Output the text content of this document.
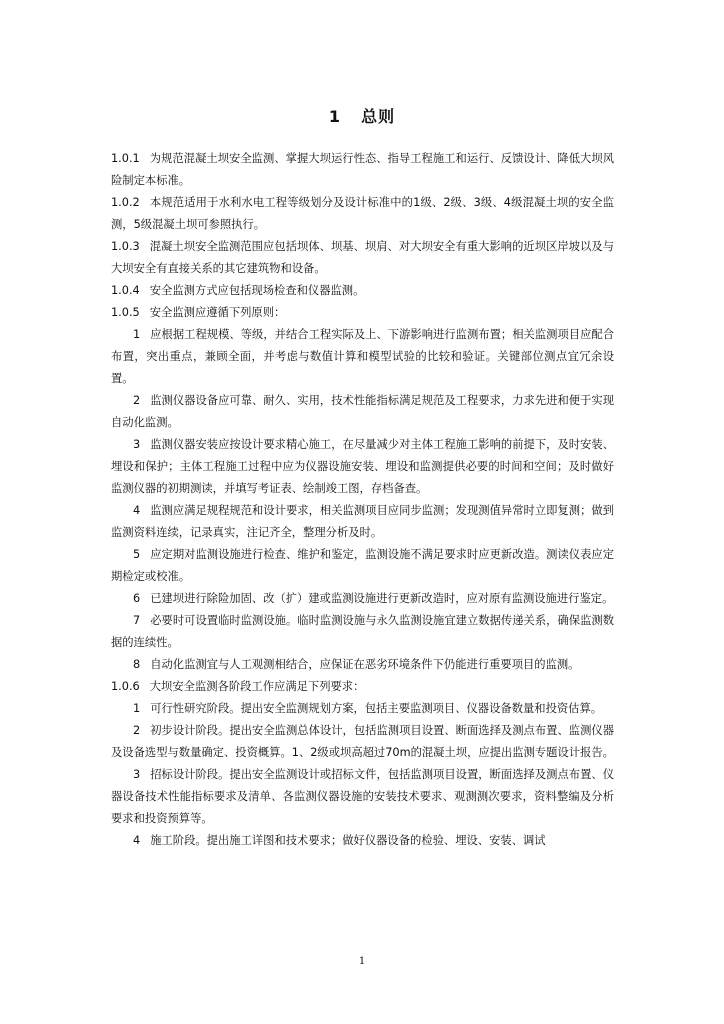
1 总则

1.0.1 为规范混凝土坝安全监测、掌握大坝运行性态、指导工程施工和运行、反馈设计、降低大坝风险制定本标准。

1.0.2 本规范适用于水利水电工程等级划分及设计标准中的1级、2级、3级、4级混凝土坝的安全监测，5级混凝土坝可参照执行。

1.0.3 混凝土坝安全监测范围应包括坝体、坝基、坝肩、对大坝安全有重大影响的近坝区岸坡以及与大坝安全有直接关系的其它建筑物和设备。

1.0.4 安全监测方式应包括现场检查和仪器监测。

1.0.5 安全监测应遵循下列原则：

1 应根据工程规模、等级，并结合工程实际及上、下游影响进行监测布置；相关监测项目应配合布置，突出重点，兼顾全面，并考虑与数值计算和模型试验的比较和验证。关键部位测点宜冗余设置。

2 监测仪器设备应可靠、耐久、实用，技术性能指标满足规范及工程要求，力求先进和便于实现自动化监测。

3 监测仪器安装应按设计要求精心施工，在尽量减少对主体工程施工影响的前提下，及时安装、埋设和保护；主体工程施工过程中应为仪器设施安装、埋设和监测提供必要的时间和空间；及时做好监测仪器的初期测读，并填写考证表、绘制竣工图，存档备查。

4 监测应满足规程规范和设计要求，相关监测项目应同步监测；发现测值异常时立即复测；做到监测资料连续，记录真实，注记齐全，整理分析及时。

5 应定期对监测设施进行检查、维护和鉴定，监测设施不满足要求时应更新改造。测读仪表应定期检定或校准。

6 已建坝进行除险加固、改（扩）建或监测设施进行更新改造时，应对原有监测设施进行鉴定。

7 必要时可设置临时监测设施。临时监测设施与永久监测设施宜建立数据传递关系，确保监测数据的连续性。

8 自动化监测宜与人工观测相结合，应保证在恶劣环境条件下仍能进行重要项目的监测。

1.0.6 大坝安全监测各阶段工作应满足下列要求：

1 可行性研究阶段。提出安全监测规划方案，包括主要监测项目、仪器设备数量和投资估算。

2 初步设计阶段。提出安全监测总体设计，包括监测项目设置、断面选择及测点布置、监测仪器及设备选型与数量确定、投资概算。1、2级或坝高超过70m的混凝土坝，应提出监测专题设计报告。

3 招标设计阶段。提出安全监测设计或招标文件，包括监测项目设置，断面选择及测点布置、仪器设备技术性能指标要求及清单、各监测仪器设施的安装技术要求、观测测次要求，资料整编及分析要求和投资预算等。

4 施工阶段。提出施工详图和技术要求；做好仪器设备的检验、埋设、安装、调试

1
